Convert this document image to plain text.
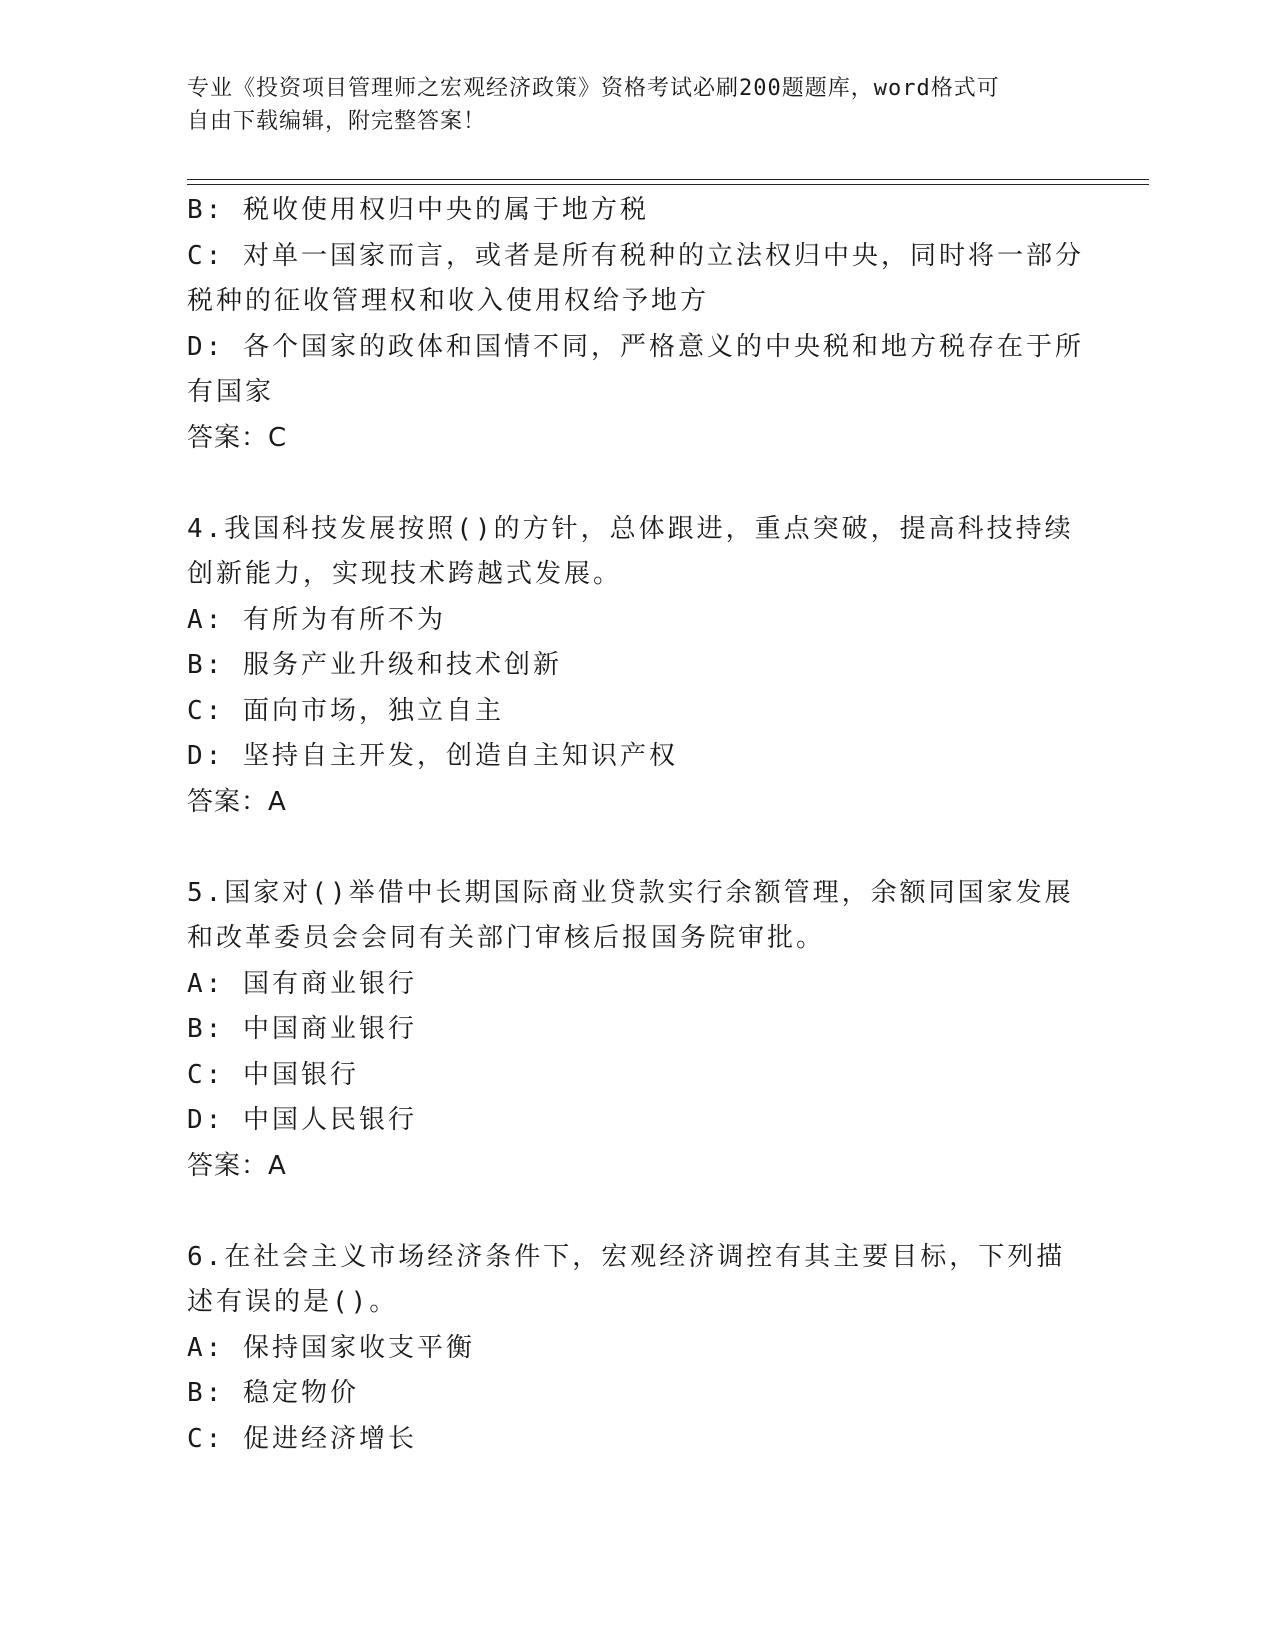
专业《投资项目管理师之宏观经济政策》资格考试必刷200题题库，word格式可
自由下载编辑，附完整答案！
B: 税收使用权归中央的属于地方税
C: 对单一国家而言，或者是所有税种的立法权归中央，同时将一部分
税种的征收管理权和收入使用权给予地方
D: 各个国家的政体和国情不同，严格意义的中央税和地方税存在于所
有国家
答案：C
4.我国科技发展按照()的方针，总体跟进，重点突破，提高科技持续
创新能力，实现技术跨越式发展。
A: 有所为有所不为
B: 服务产业升级和技术创新
C: 面向市场，独立自主
D: 坚持自主开发，创造自主知识产权
答案：A
5.国家对()举借中长期国际商业贷款实行余额管理，余额同国家发展
和改革委员会会同有关部门审核后报国务院审批。
A: 国有商业银行
B: 中国商业银行
C: 中国银行
D: 中国人民银行
答案：A
6.在社会主义市场经济条件下，宏观经济调控有其主要目标，下列描
述有误的是()。
A: 保持国家收支平衡
B: 稳定物价
C: 促进经济增长
